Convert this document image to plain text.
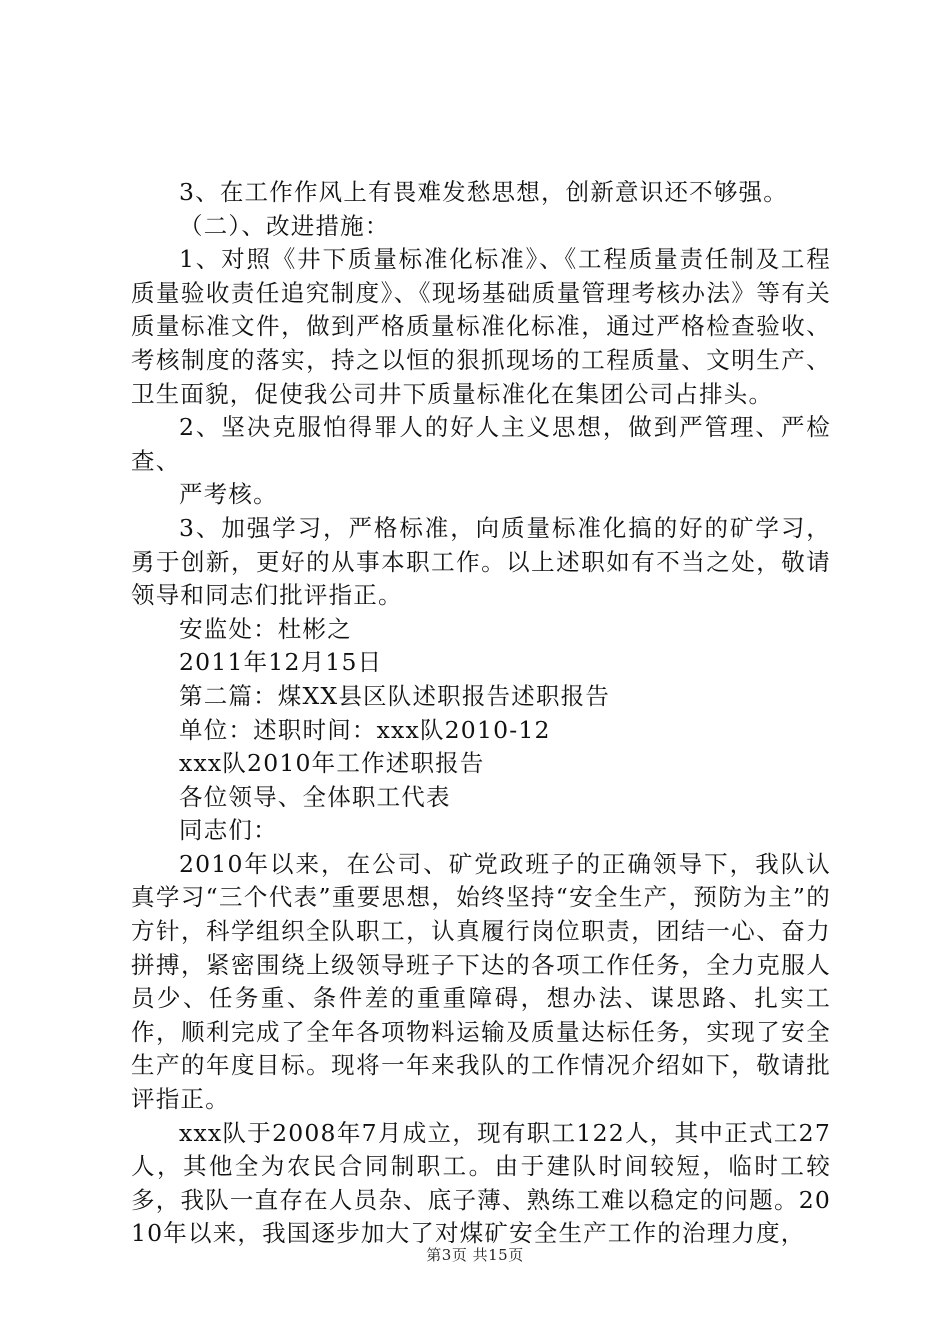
3、在工作作风上有畏难发愁思想，创新意识还不够强。

（二）、改进措施：

1、对照《井下质量标准化标准》、《工程质量责任制及工程质量验收责任追究制度》、《现场基础质量管理考核办法》等有关质量标准文件，做到严格质量标准化标准，通过严格检查验收、考核制度的落实，持之以恒的狠抓现场的工程质量、文明生产、卫生面貌，促使我公司井下质量标准化在集团公司占排头。

2、坚决克服怕得罪人的好人主义思想，做到严管理、严检查、

严考核。

3、加强学习，严格标准，向质量标准化搞的好的矿学习，勇于创新，更好的从事本职工作。以上述职如有不当之处，敬请领导和同志们批评指正。

安监处：杜彬之

2011年12月15日

第二篇：煤XX县区队述职报告述职报告

单位：述职时间：xxx队2010-12

xxx队2010年工作述职报告

各位领导、全体职工代表

同志们：

2010年以来，在公司、矿党政班子的正确领导下，我队认真学习“三个代表”重要思想，始终坚持“安全生产，预防为主”的方针，科学组织全队职工，认真履行岗位职责，团结一心、奋力拼搏，紧密围绕上级领导班子下达的各项工作任务，全力克服人员少、任务重、条件差的重重障碍，想办法、谋思路、扎实工作，顺利完成了全年各项物料运输及质量达标任务，实现了安全生产的年度目标。现将一年来我队的工作情况介绍如下，敬请批评指正。

xxx队于2008年7月成立，现有职工122人，其中正式工27人，其他全为农民合同制职工。由于建队时间较短，临时工较多，我队一直存在人员杂、底子薄、熟练工难以稳定的问题。2010年以来，我国逐步加大了对煤矿安全生产工作的治理力度，

第3页 共15页
